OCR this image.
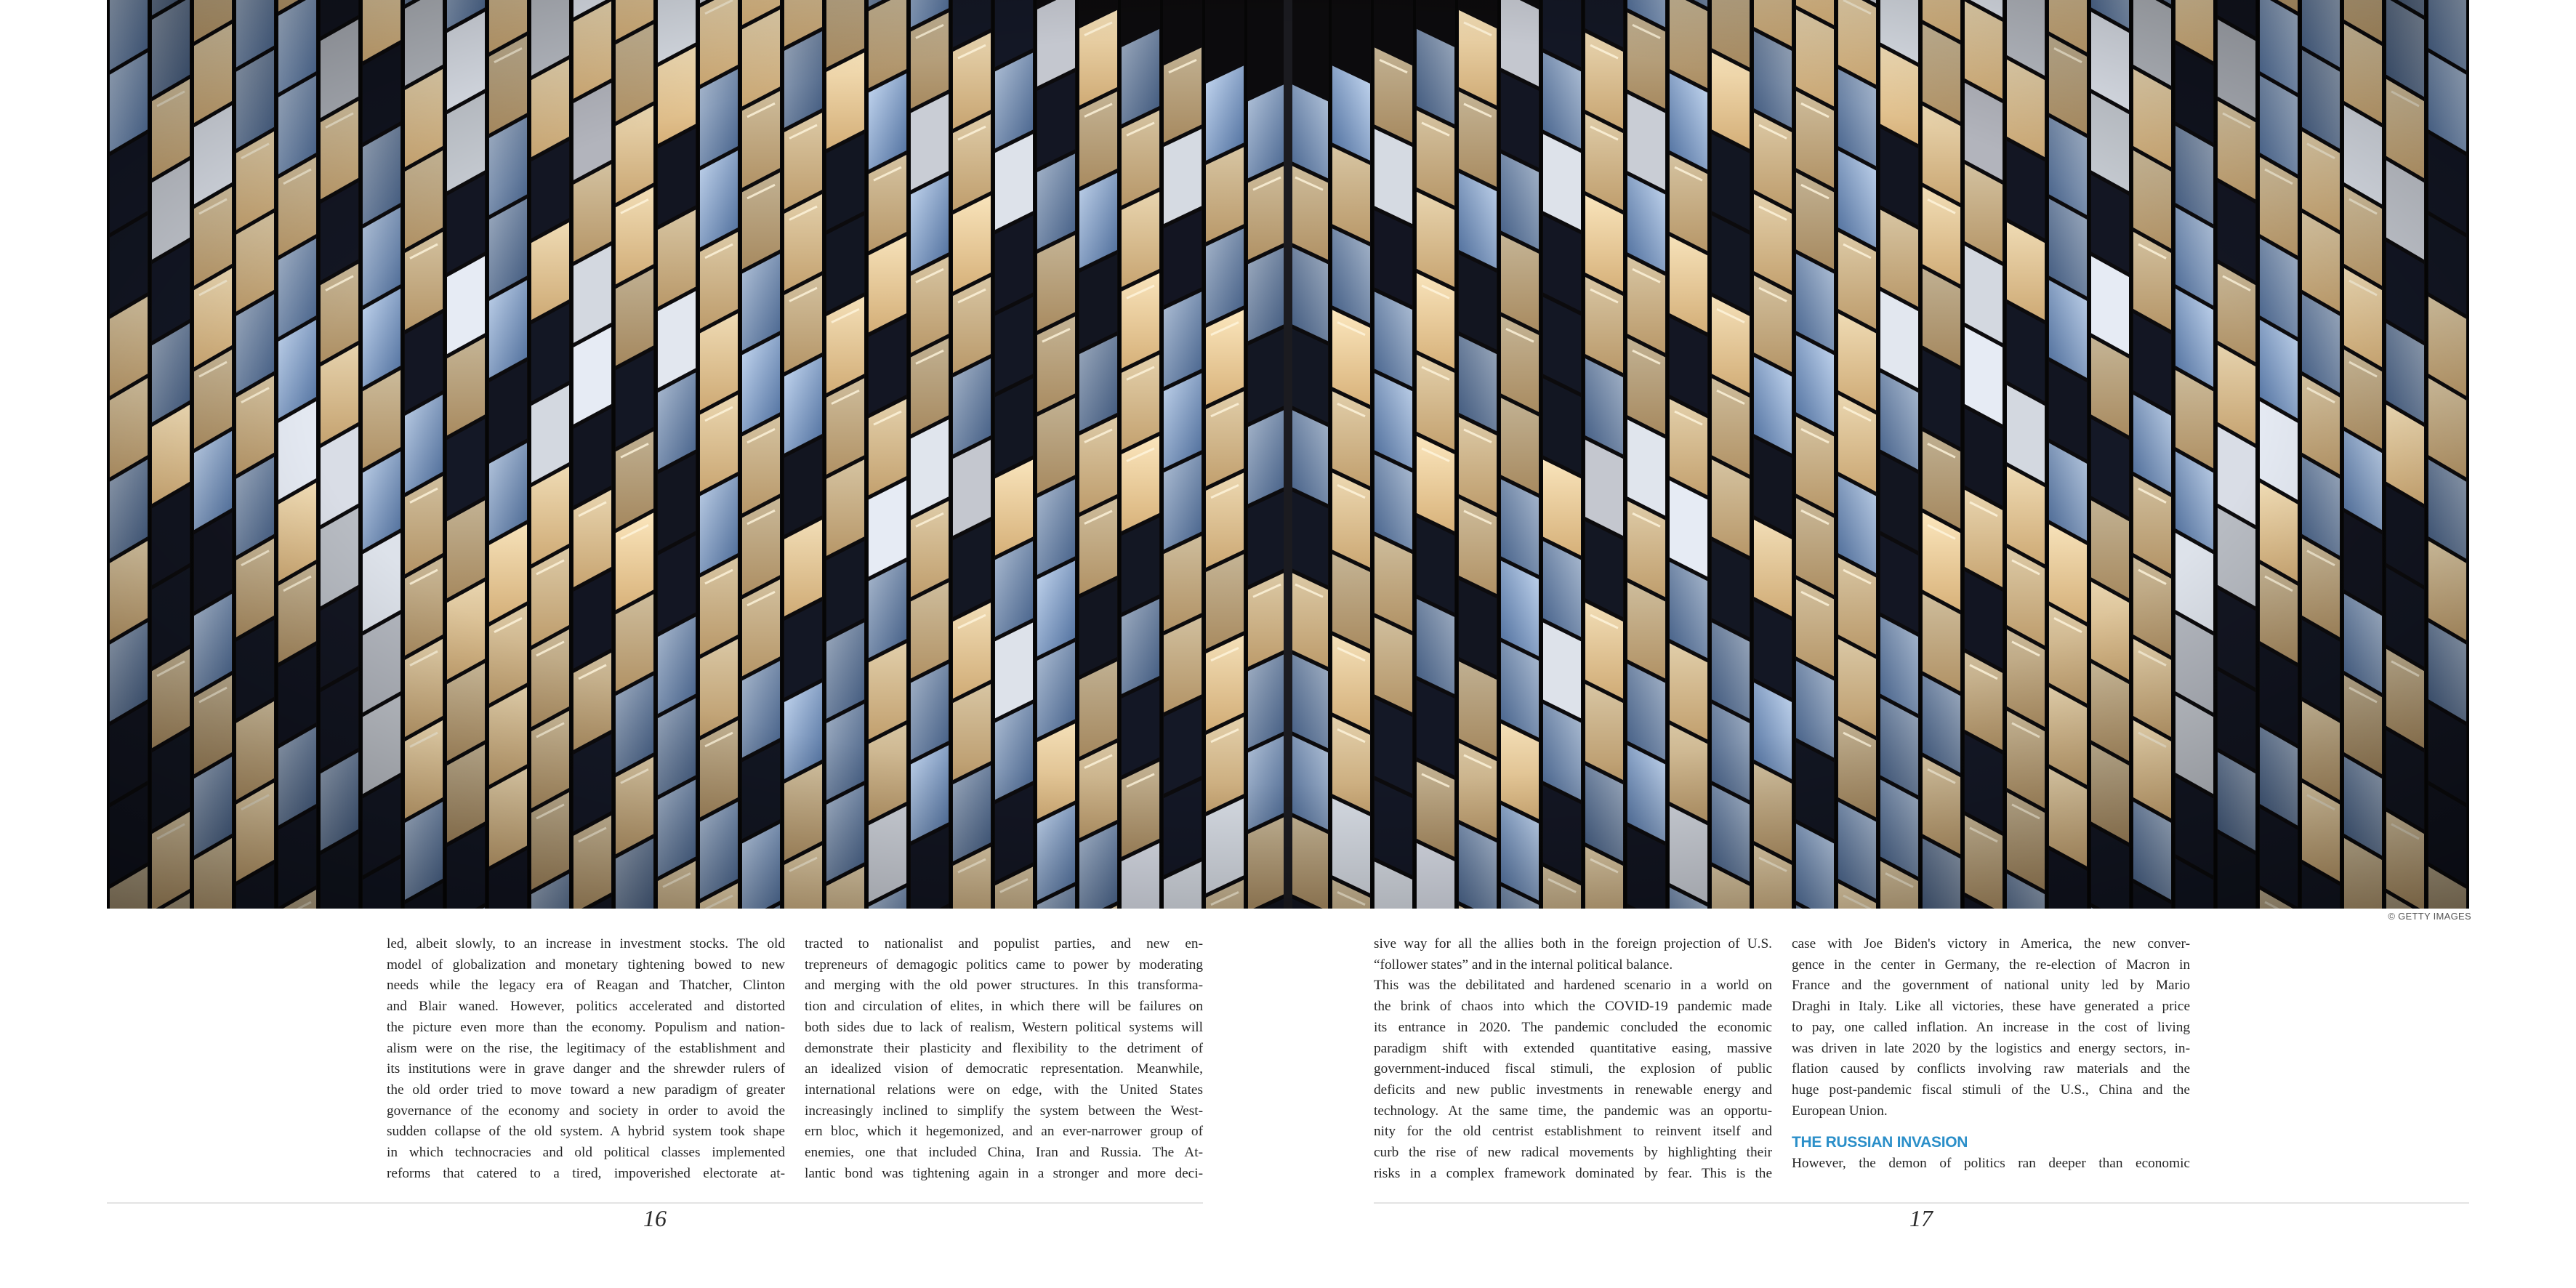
© GETTY IMAGES
led, albeit slowly, to an increase in investment stocks. The old
model of globalization and monetary tightening bowed to new
needs while the legacy era of Reagan and Thatcher, Clinton
and Blair waned. However, politics accelerated and distorted
the picture even more than the economy. Populism and nation-
alism were on the rise, the legitimacy of the establishment and
its institutions were in grave danger and the shrewder rulers of
the old order tried to move toward a new paradigm of greater
governance of the economy and society in order to avoid the
sudden collapse of the old system. A hybrid system took shape
in which technocracies and old political classes implemented
reforms that catered to a tired, impoverished electorate at-
tracted to nationalist and populist parties, and new en-
trepreneurs of demagogic politics came to power by moderating
and merging with the old power structures. In this transforma-
tion and circulation of elites, in which there will be failures on
both sides due to lack of realism, Western political systems will
demonstrate their plasticity and flexibility to the detriment of
an idealized vision of democratic representation. Meanwhile,
international relations were on edge, with the United States
increasingly inclined to simplify the system between the West-
ern bloc, which it hegemonized, and an ever-narrower group of
enemies, one that included China, Iran and Russia. The At-
lantic bond was tightening again in a stronger and more deci-
sive way for all the allies both in the foreign projection of U.S.
“follower states” and in the internal political balance.
This was the debilitated and hardened scenario in a world on
the brink of chaos into which the COVID-19 pandemic made
its entrance in 2020. The pandemic concluded the economic
paradigm shift with extended quantitative easing, massive
government-induced fiscal stimuli, the explosion of public
deficits and new public investments in renewable energy and
technology. At the same time, the pandemic was an opportu-
nity for the old centrist establishment to reinvent itself and
curb the rise of new radical movements by highlighting their
risks in a complex framework dominated by fear. This is the
case with Joe Biden's victory in America, the new conver-
gence in the center in Germany, the re-election of Macron in
France and the government of national unity led by Mario
Draghi in Italy. Like all victories, these have generated a price
to pay, one called inflation. An increase in the cost of living
was driven in late 2020 by the logistics and energy sectors, in-
flation caused by conflicts involving raw materials and the
huge post-pandemic fiscal stimuli of the U.S., China and the
European Union.
THE RUSSIAN INVASION
However, the demon of politics ran deeper than economic
16	17
